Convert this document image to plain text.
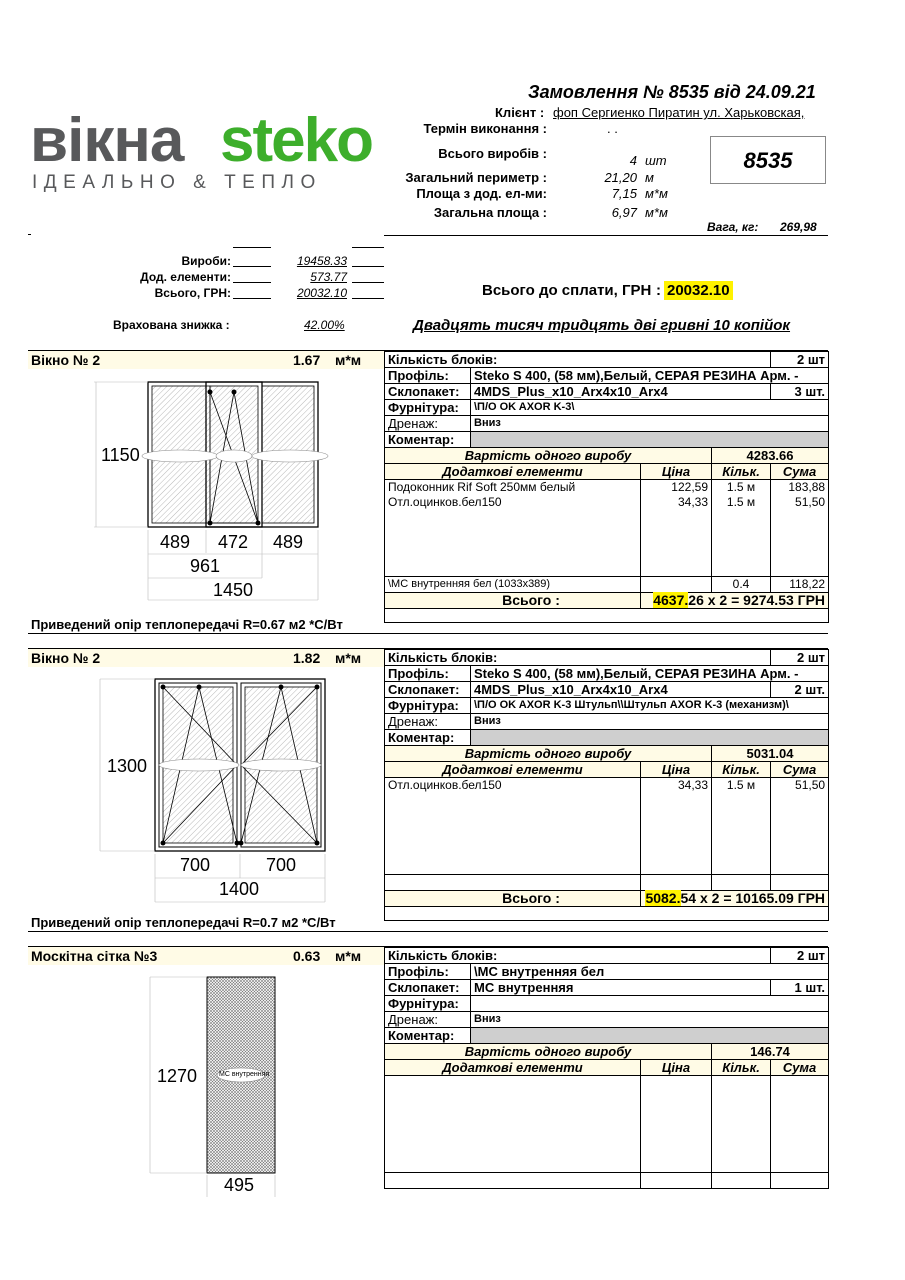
вікна steko
ІДЕАЛЬНО & ТЕПЛО
Замовлення № 8535 від 24.09.21
Клієнт : фоп Сергиенко Пиратин ул. Харьковская,
Термін виконання :	. .
Всього виробів :	4 шт
Загальний периметр :	21,20 м
Площа з дод. ел-ми:	7,15 м*м
Загальна площа :	6,97 м*м
8535
Вага, кг: 269,98
Вироби:	19458.33
Дод. елементи:	573.77
Всього, ГРН:	20032.10	Всього до сплати, ГРН : 20032.10
Врахована знижка :	42.00%	Двадцять тисяч тридцять дві гривні 10 копійок
Вікно № 2	1.67 м*м
1150
489 472 489
961
1450
Кількість блоків:				2 шт
Профіль:	Steko S 400, (58 мм),Белый, СЕРАЯ РЕЗИНА Арм. -			
Склопакет:	4MDS_Plus_x10_Arx4x10_Arx4			3 шт.
Фурнітура:	\П/О OK AXOR K-3\			
Дренаж:	Вниз			
Коментар:				
Вартість одного виробу			4283.66	
Додаткові елементи		Ціна	Кільк.	Сума
Подоконник Rif Soft 250мм белый		122,59	1.5 м	183,88
Отл.оцинков.бел150		34,33	1.5 м	51,50

\МС внутренняя бел (1033x389)			0.4	118,22
Всього :		4637.26 x 2 = 9274.53 ГРН		

Приведений опір теплопередачі R=0.67 м2 *С/Вт
Вікно № 2	1.82 м*м
1300
700	700
1400
Кількість блоків:				2 шт
Профіль:	Steko S 400, (58 мм),Белый, СЕРАЯ РЕЗИНА Арм. -			
Склопакет:	4MDS_Plus_x10_Arx4x10_Arx4			2 шт.
Фурнітура:	\П/О OK AXOR K-3 Штульп\\Штульп AXOR K-3 (механизм)\			
Дренаж:	Вниз			
Коментар:				
Вартість одного виробу			5031.04	
Додаткові елементи		Ціна	Кільк.	Сума
Отл.оцинков.бел150		34,33	1.5 м	51,50

Всього :		5082.54 x 2 = 10165.09 ГРН		

Приведений опір теплопередачі R=0.7 м2 *С/Вт
Москітна сітка №3	0.63 м*м
МС внутренняя
1270
495
Кількість блоків:				2 шт
Профіль:	\МС внутренняя бел			
Склопакет:	МС внутренняя			1 шт.
Фурнітура:				
Дренаж:	Вниз			
Коментар:				
Вартість одного виробу			146.74	
Додаткові елементи		Ціна	Кільк.	Сума
